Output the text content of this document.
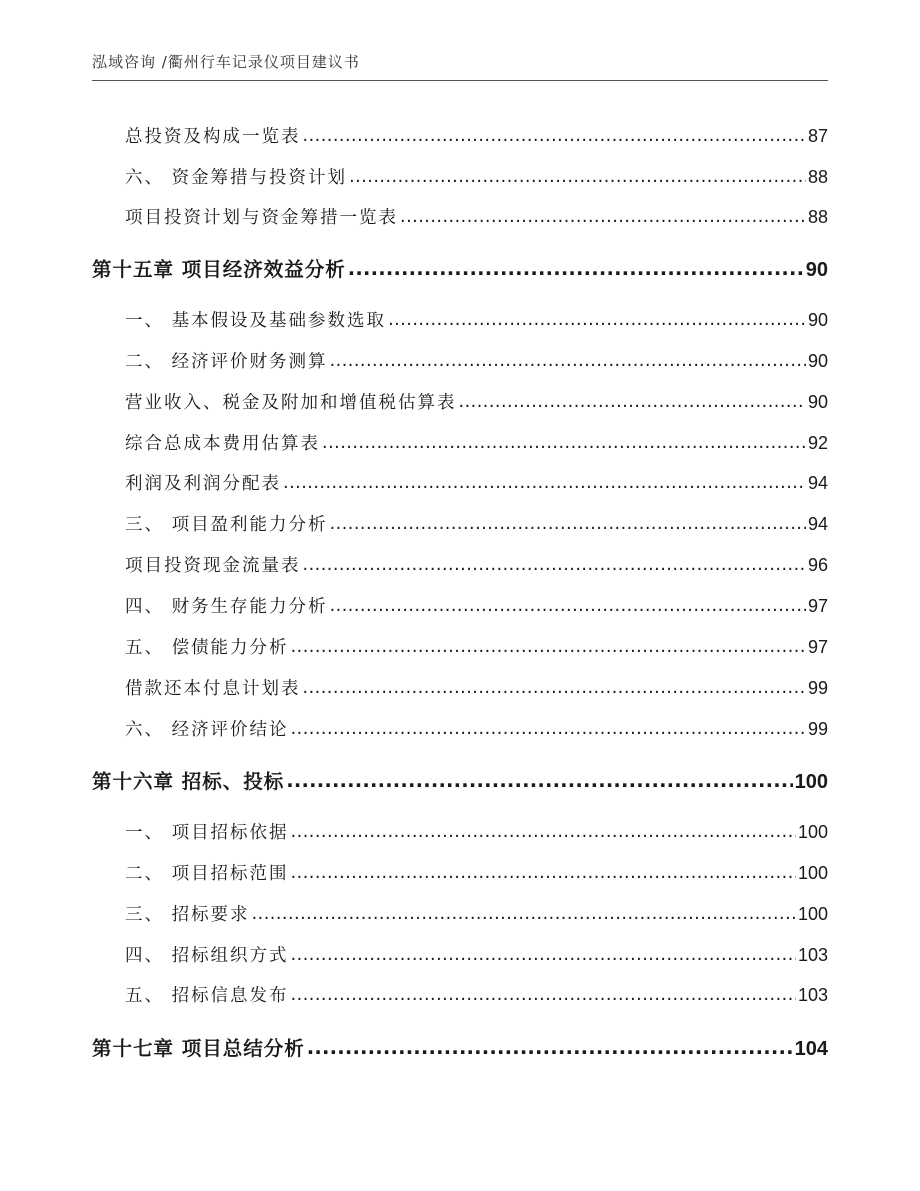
泓域咨询 /衢州行车记录仪项目建议书
总投资及构成一览表 .....	87
六、 资金筹措与投资计划 .....	88
项目投资计划与资金筹措一览表 .....	88
第十五章 项目经济效益分析 .....	90
一、 基本假设及基础参数选取 .....	90
二、 经济评价财务测算 .....	90
营业收入、税金及附加和增值税估算表 .....	90
综合总成本费用估算表 .....	92
利润及利润分配表 .....	94
三、 项目盈利能力分析 .....	94
项目投资现金流量表 .....	96
四、 财务生存能力分析 .....	97
五、 偿债能力分析 .....	97
借款还本付息计划表 .....	99
六、 经济评价结论 .....	99
第十六章 招标、投标 .....	100
一、 项目招标依据 .....	100
二、 项目招标范围 .....	100
三、 招标要求 .....	100
四、 招标组织方式 .....	103
五、 招标信息发布 .....	103
第十七章 项目总结分析 .....	104
